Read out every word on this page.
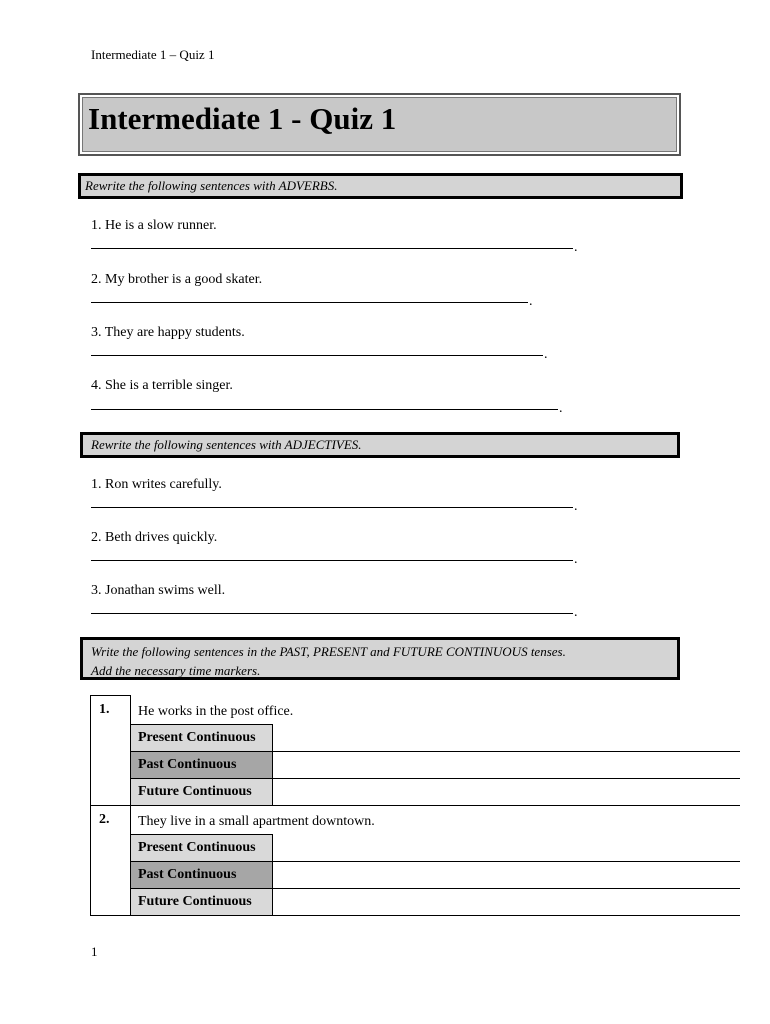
Intermediate 1 – Quiz 1
Intermediate 1 - Quiz 1
Rewrite the following sentences with ADVERBS.
1. He is a slow runner.
.
2. My brother is a good skater.
.
3. They are happy students.
.
4. She is a terrible singer.
.
Rewrite the following sentences with ADJECTIVES.
1. Ron writes carefully.
.
2. Beth drives quickly.
.
3. Jonathan swims well.
.
Write the following sentences in the PAST, PRESENT and FUTURE CONTINUOUS tenses.
Add the necessary time markers.
1.	He works in the post office.	
	Present Continuous	
	Past Continuous	
	Future Continuous	
2.	They live in a small apartment downtown.	
	Present Continuous	
	Past Continuous	
	Future Continuous	
1
